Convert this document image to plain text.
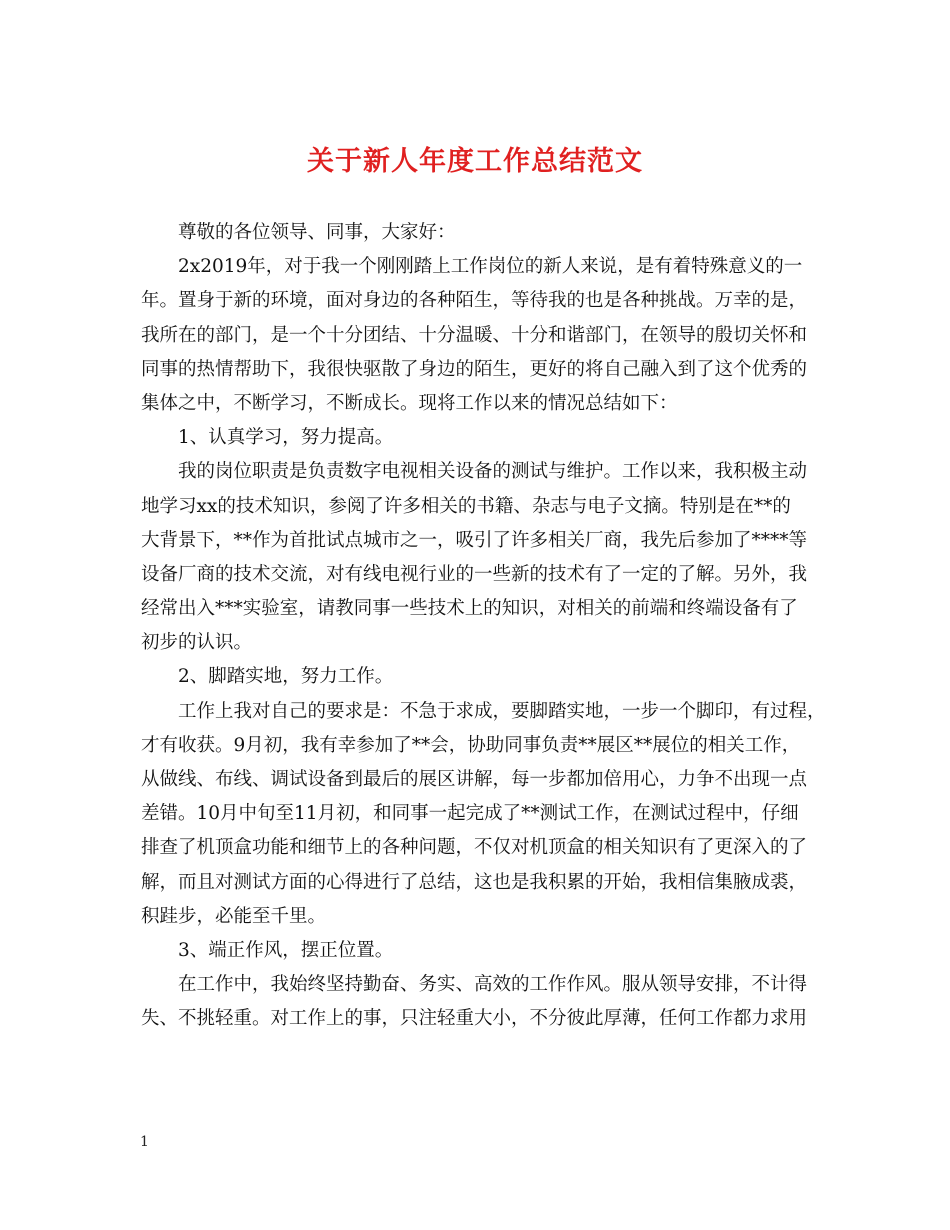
关于新人年度工作总结范文
尊敬的各位领导、同事，大家好：
2x2019年，对于我一个刚刚踏上工作岗位的新人来说，是有着特殊意义的一
年。置身于新的环境，面对身边的各种陌生，等待我的也是各种挑战。万幸的是，
我所在的部门，是一个十分团结、十分温暖、十分和谐部门，在领导的殷切关怀和
同事的热情帮助下，我很快驱散了身边的陌生，更好的将自己融入到了这个优秀的
集体之中，不断学习，不断成长。现将工作以来的情况总结如下：
1、认真学习，努力提高。
我的岗位职责是负责数字电视相关设备的测试与维护。工作以来，我积极主动
地学习xx的技术知识，参阅了许多相关的书籍、杂志与电子文摘。特别是在**的
大背景下，**作为首批试点城市之一，吸引了许多相关厂商，我先后参加了****等
设备厂商的技术交流，对有线电视行业的一些新的技术有了一定的了解。另外，我
经常出入***实验室，请教同事一些技术上的知识，对相关的前端和终端设备有了
初步的认识。
2、脚踏实地，努力工作。
工作上我对自己的要求是：不急于求成，要脚踏实地，一步一个脚印，有过程，
才有收获。9月初，我有幸参加了**会，协助同事负责**展区**展位的相关工作，
从做线、布线、调试设备到最后的展区讲解，每一步都加倍用心，力争不出现一点
差错。10月中旬至11月初，和同事一起完成了**测试工作，在测试过程中，仔细
排查了机顶盒功能和细节上的各种问题，不仅对机顶盒的相关知识有了更深入的了
解，而且对测试方面的心得进行了总结，这也是我积累的开始，我相信集腋成裘，
积跬步，必能至千里。
3、端正作风，摆正位置。
在工作中，我始终坚持勤奋、务实、高效的工作作风。服从领导安排，不计得
失、不挑轻重。对工作上的事，只注轻重大小，不分彼此厚薄，任何工作都力求用
1
